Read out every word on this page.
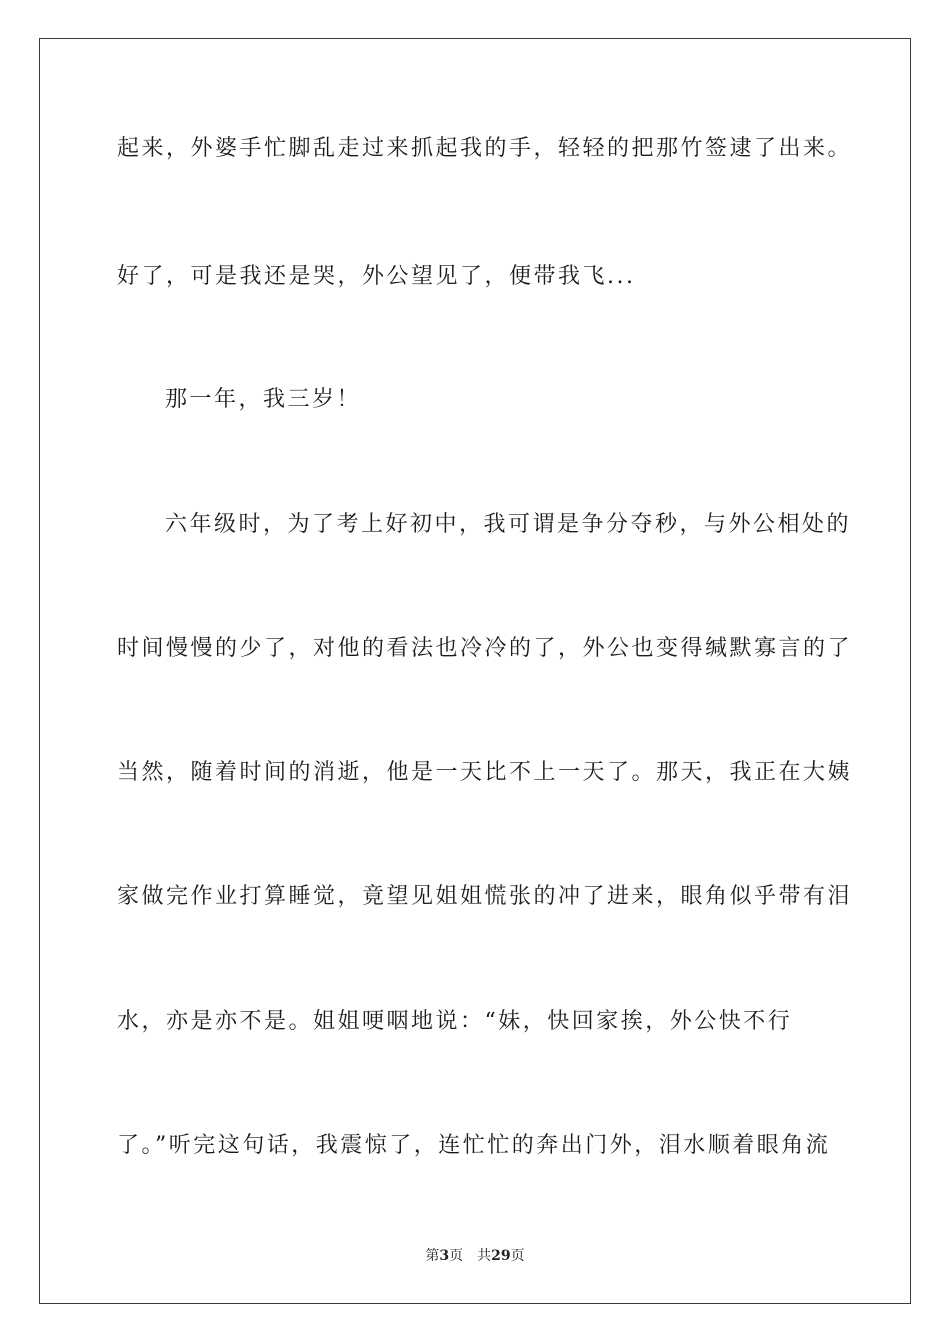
起来，外婆手忙脚乱走过来抓起我的手，轻轻的把那竹签逮了出来。
好了，可是我还是哭，外公望见了，便带我飞...
那一年，我三岁！
六年级时，为了考上好初中，我可谓是争分夺秒，与外公相处的
时间慢慢的少了，对他的看法也冷冷的了，外公也变得缄默寡言的了
当然，随着时间的消逝，他是一天比不上一天了。那天，我正在大姨
家做完作业打算睡觉，竟望见姐姐慌张的冲了进来，眼角似乎带有泪
水，亦是亦不是。姐姐哽咽地说：“妹，快回家挨，外公快不行
了。”听完这句话，我震惊了，连忙忙的奔出门外，泪水顺着眼角流
第3页 共29页
